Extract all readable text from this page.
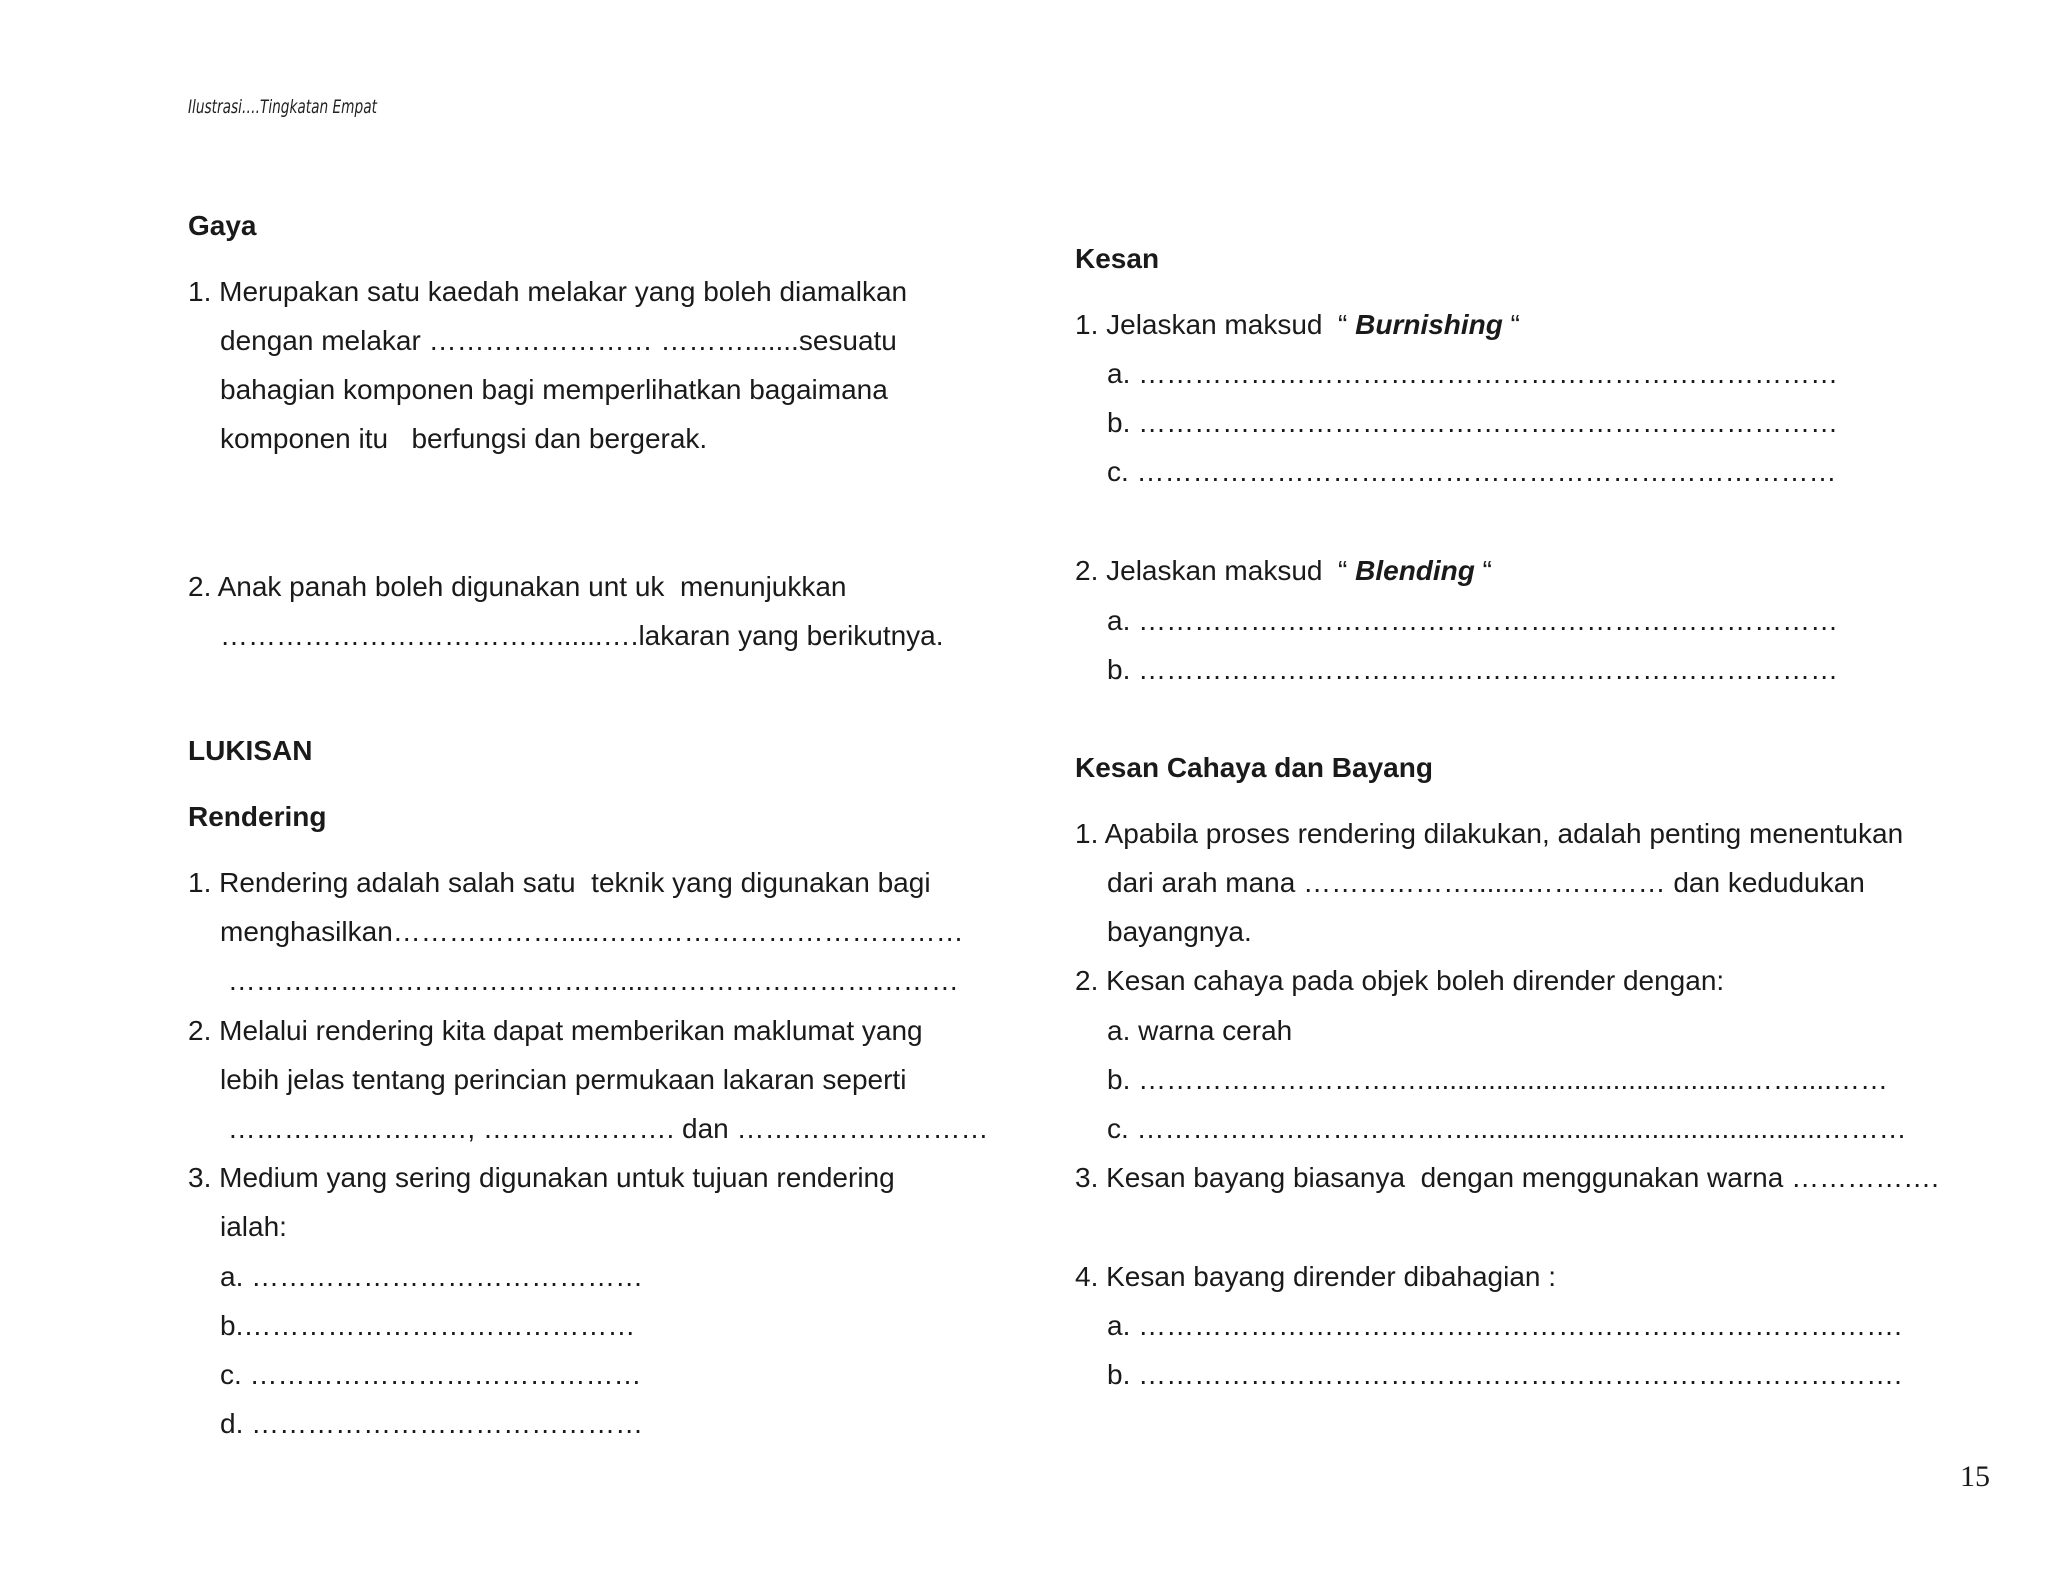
Ilustrasi….Tingkatan Empat
Gaya
1. Merupakan satu kaedah melakar yang boleh diamalkan
dengan melakar …………………… ……….......sesuatu
bahagian komponen bagi memperlihatkan bagaimana
komponen itu   berfungsi dan bergerak.
2. Anak panah boleh digunakan unt uk  menunjukkan
………………………………......….lakaran yang berikutnya.
LUKISAN
Rendering
1. Rendering adalah salah satu  teknik yang digunakan bagi
menghasilkan……………….....…………………………………
……………………………………....……………………………
2. Melalui rendering kita dapat memberikan maklumat yang
lebih jelas tentang perincian permukaan lakaran seperti
…………..…………, ………..………. dan ………………………
3. Medium yang sering digunakan untuk tujuan rendering
ialah:
a. ……………………………………
b.……………………………………
c. ……………………………………
d. ……………………………………
Kesan
1. Jelaskan maksud  “ Burnishing “
a. …………………………………………………………………
b. …………………………………………………………………
c. …………………………………………………………………
2. Jelaskan maksud  “ Blending “
a. …………………………………………………………………
b. …………………………………………………………………
Kesan Cahaya dan Bayang
1. Apabila proses rendering dilakukan, adalah penting menentukan
dari arah mana ……………….......…………… dan kedudukan
bayangnya.
2. Kesan cahaya pada objek boleh dirender dengan:
a. warna cerah
b. ……………………….….........................................……....……
c. ……………………………….............................................………
3. Kesan bayang biasanya  dengan menggunakan warna …………….
4. Kesan bayang dirender dibahagian :
a. ……………………………………………………………………….
b. ……………………………………………………………………….
15
